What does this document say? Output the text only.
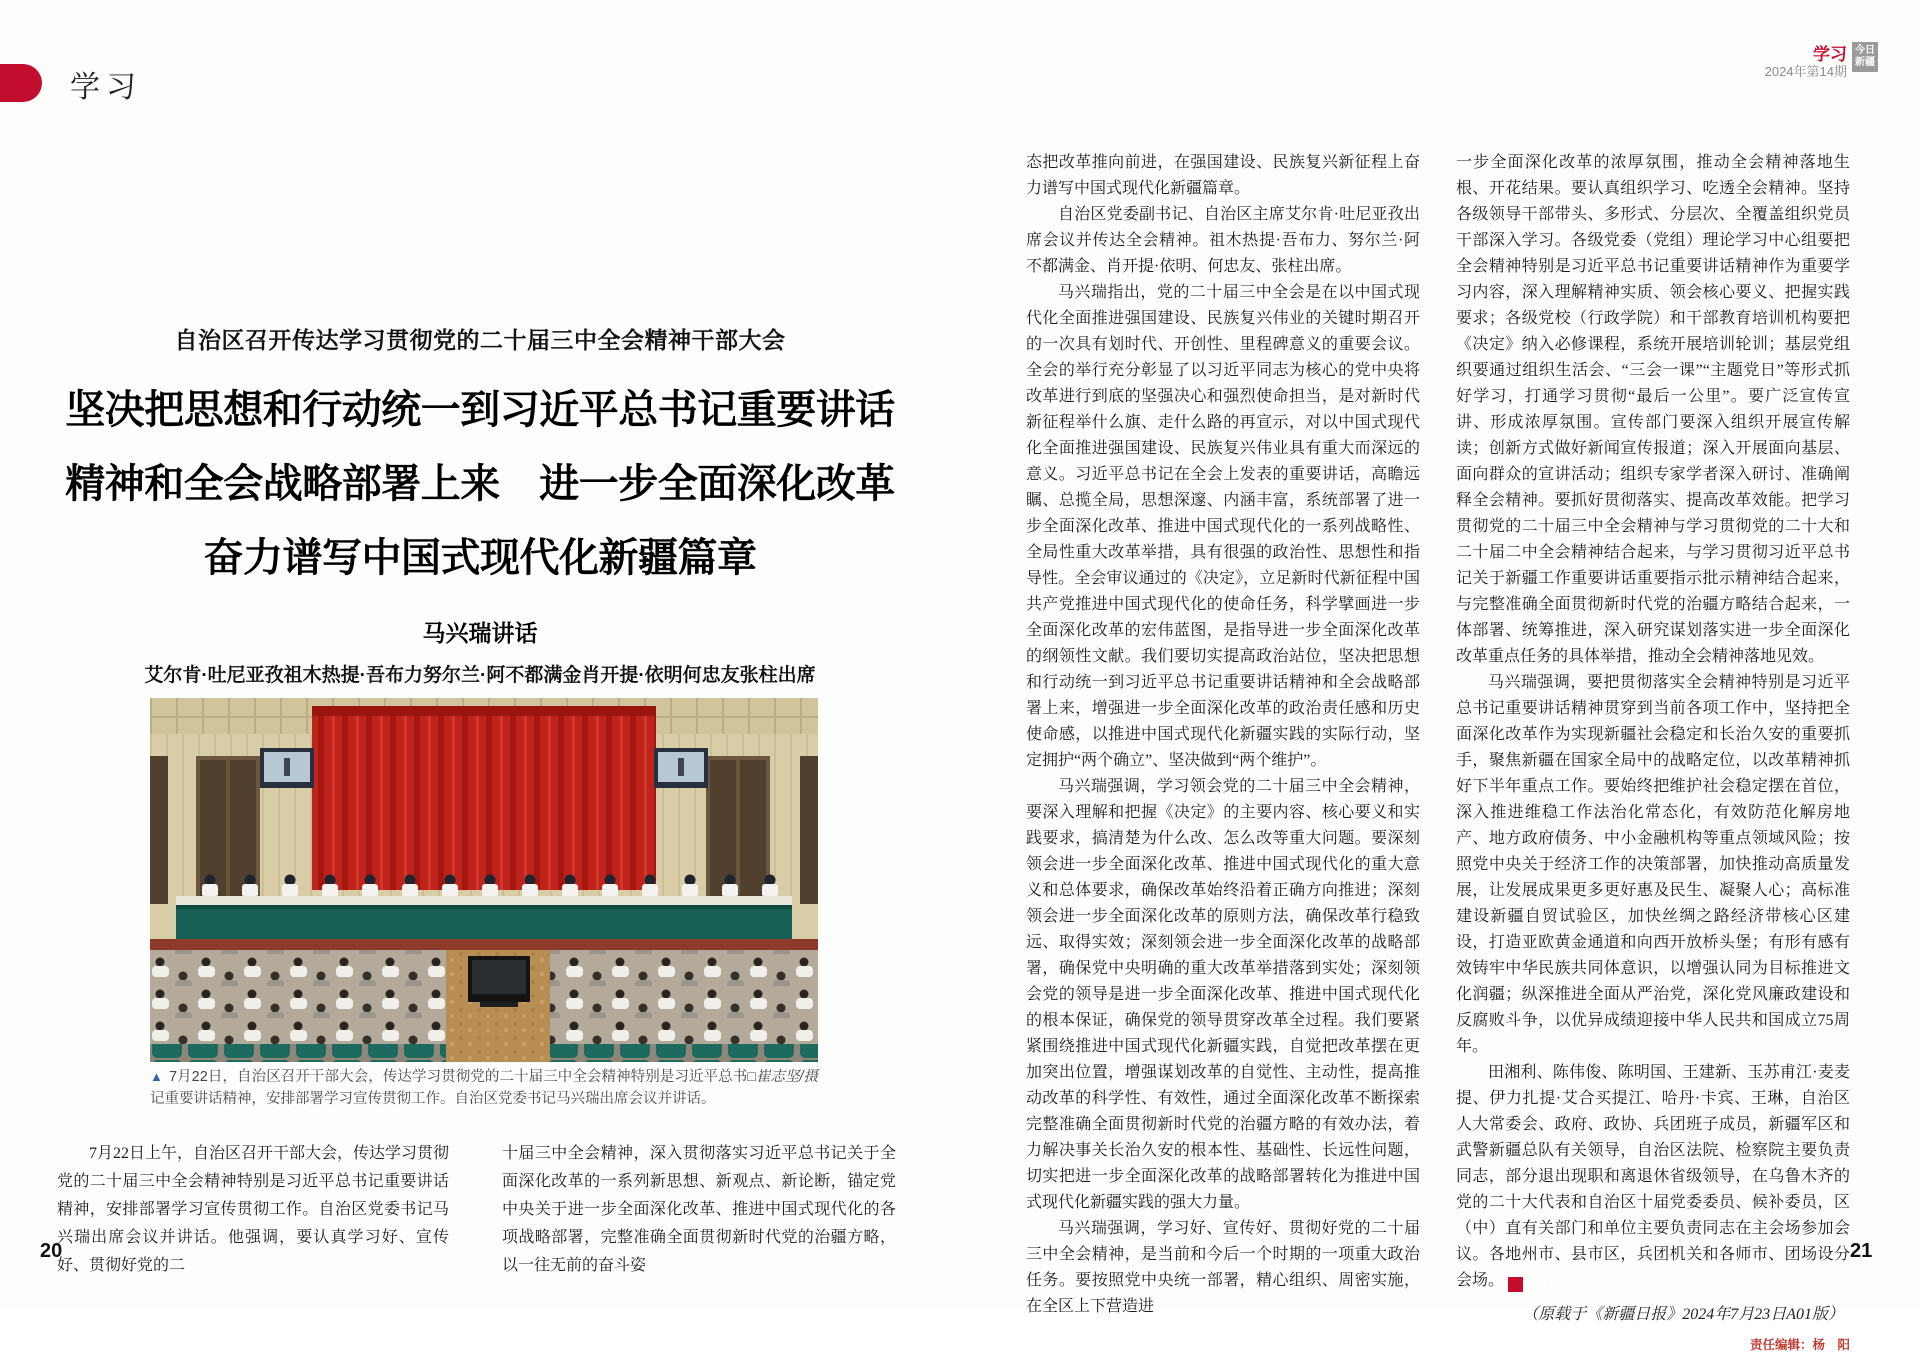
学习
自治区召开传达学习贯彻党的二十届三中全会精神干部大会
坚决把思想和行动统一到习近平总书记重要讲话
精神和全会战略部署上来　进一步全面深化改革
奋力谱写中国式现代化新疆篇章
马兴瑞讲话
艾尔肯·吐尼亚孜祖木热提·吾布力努尔兰·阿不都满金肖开提·依明何忠友张柱出席
▲	□崔志坚/摄
7月22日，自治区召开干部大会，传达学习贯彻党的二十届三中全会精神特别是习近平总书记重要讲话精神，安排部署学习宣传贯彻工作。自治区党委书记马兴瑞出席会议并讲话。
7月22日上午，自治区召开干部大会，传达学习贯彻党的二十届三中全会精神特别是习近平总书记重要讲话精神，安排部署学习宣传贯彻工作。自治区党委书记马兴瑞出席会议并讲话。他强调，要认真学习好、宣传好、贯彻好党的二
十届三中全会精神，深入贯彻落实习近平总书记关于全面深化改革的一系列新思想、新观点、新论断，锚定党中央关于进一步全面深化改革、推进中国式现代化的各项战略部署，完整准确全面贯彻新时代党的治疆方略，以一往无前的奋斗姿
20
学习
2024年第14期
今日
新疆

态把改革推向前进，在强国建设、民族复兴新征程上奋力谱写中国式现代化新疆篇章。

自治区党委副书记、自治区主席艾尔肯·吐尼亚孜出席会议并传达全会精神。祖木热提·吾布力、努尔兰·阿不都满金、肖开提·依明、何忠友、张柱出席。

马兴瑞指出，党的二十届三中全会是在以中国式现代化全面推进强国建设、民族复兴伟业的关键时期召开的一次具有划时代、开创性、里程碑意义的重要会议。全会的举行充分彰显了以习近平同志为核心的党中央将改革进行到底的坚强决心和强烈使命担当，是对新时代新征程举什么旗、走什么路的再宣示，对以中国式现代化全面推进强国建设、民族复兴伟业具有重大而深远的意义。习近平总书记在全会上发表的重要讲话，高瞻远瞩、总揽全局，思想深邃、内涵丰富，系统部署了进一步全面深化改革、推进中国式现代化的一系列战略性、全局性重大改革举措，具有很强的政治性、思想性和指导性。全会审议通过的《决定》，立足新时代新征程中国共产党推进中国式现代化的使命任务，科学擘画进一步全面深化改革的宏伟蓝图，是指导进一步全面深化改革的纲领性文献。我们要切实提高政治站位，坚决把思想和行动统一到习近平总书记重要讲话精神和全会战略部署上来，增强进一步全面深化改革的政治责任感和历史使命感，以推进中国式现代化新疆实践的实际行动，坚定拥护“两个确立”、坚决做到“两个维护”。

马兴瑞强调，学习领会党的二十届三中全会精神，要深入理解和把握《决定》的主要内容、核心要义和实践要求，搞清楚为什么改、怎么改等重大问题。要深刻领会进一步全面深化改革、推进中国式现代化的重大意义和总体要求，确保改革始终沿着正确方向推进；深刻领会进一步全面深化改革的原则方法，确保改革行稳致远、取得实效；深刻领会进一步全面深化改革的战略部署，确保党中央明确的重大改革举措落到实处；深刻领会党的领导是进一步全面深化改革、推进中国式现代化的根本保证，确保党的领导贯穿改革全过程。我们要紧紧围绕推进中国式现代化新疆实践，自觉把改革摆在更加突出位置，增强谋划改革的自觉性、主动性，提高推动改革的科学性、有效性，通过全面深化改革不断探索完整准确全面贯彻新时代党的治疆方略的有效办法，着力解决事关长治久安的根本性、基础性、长远性问题，切实把进一步全面深化改革的战略部署转化为推进中国式现代化新疆实践的强大力量。

马兴瑞强调，学习好、宣传好、贯彻好党的二十届三中全会精神，是当前和今后一个时期的一项重大政治任务。要按照党中央统一部署，精心组织、周密实施，在全区上下营造进

一步全面深化改革的浓厚氛围，推动全会精神落地生根、开花结果。要认真组织学习、吃透全会精神。坚持各级领导干部带头、多形式、分层次、全覆盖组织党员干部深入学习。各级党委（党组）理论学习中心组要把全会精神特别是习近平总书记重要讲话精神作为重要学习内容，深入理解精神实质、领会核心要义、把握实践要求；各级党校（行政学院）和干部教育培训机构要把《决定》纳入必修课程，系统开展培训轮训；基层党组织要通过组织生活会、“三会一课”“主题党日”等形式抓好学习，打通学习贯彻“最后一公里”。要广泛宣传宣讲、形成浓厚氛围。宣传部门要深入组织开展宣传解读；创新方式做好新闻宣传报道；深入开展面向基层、面向群众的宣讲活动；组织专家学者深入研讨、准确阐释全会精神。要抓好贯彻落实、提高改革效能。把学习贯彻党的二十届三中全会精神与学习贯彻党的二十大和二十届二中全会精神结合起来，与学习贯彻习近平总书记关于新疆工作重要讲话重要指示批示精神结合起来，与完整准确全面贯彻新时代党的治疆方略结合起来，一体部署、统筹推进，深入研究谋划落实进一步全面深化改革重点任务的具体举措，推动全会精神落地见效。

马兴瑞强调，要把贯彻落实全会精神特别是习近平总书记重要讲话精神贯穿到当前各项工作中，坚持把全面深化改革作为实现新疆社会稳定和长治久安的重要抓手，聚焦新疆在国家全局中的战略定位，以改革精神抓好下半年重点工作。要始终把维护社会稳定摆在首位，深入推进维稳工作法治化常态化，有效防范化解房地产、地方政府债务、中小金融机构等重点领域风险；按照党中央关于经济工作的决策部署，加快推动高质量发展，让发展成果更多更好惠及民生、凝聚人心；高标准建设新疆自贸试验区，加快丝绸之路经济带核心区建设，打造亚欧黄金通道和向西开放桥头堡；有形有感有效铸牢中华民族共同体意识，以增强认同为目标推进文化润疆；纵深推进全面从严治党，深化党风廉政建设和反腐败斗争，以优异成绩迎接中华人民共和国成立75周年。

田湘利、陈伟俊、陈明国、王建新、玉苏甫江·麦麦提、伊力扎提·艾合买提江、哈丹·卡宾、王琳，自治区人大常委会、政府、政协、兵团班子成员，新疆军区和武警新疆总队有关领导，自治区法院、检察院主要负责同志，部分退出现职和离退休省级领导，在乌鲁木齐的党的二十大代表和自治区十届党委委员、候补委员，区（中）直有关部门和单位主要负责同志在主会场参加会议。各地州市、县市区，兵团机关和各师市、团场设分会场。	J

（原载于《新疆日报》2024年7月23日A01版）

责任编辑：杨　阳

21
